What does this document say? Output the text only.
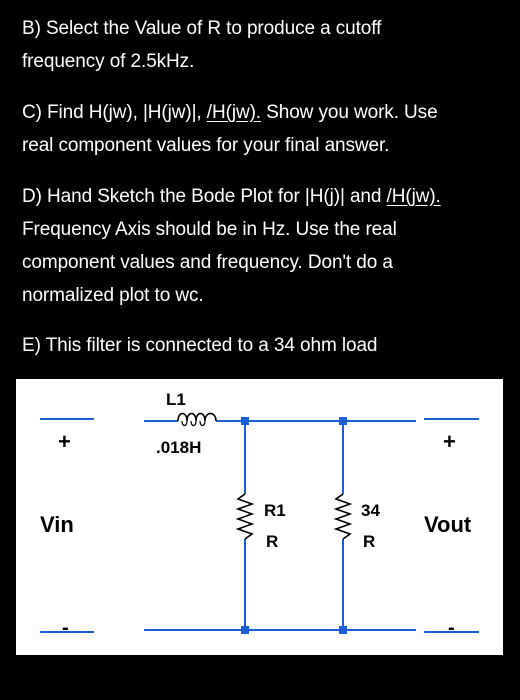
B) Select the Value of R to produce a cutoff
frequency of 2.5kHz.
C) Find H(jw), |H(jw)|, /H(jw). Show you work. Use
real component values for your final answer.
D) Hand Sketch the Bode Plot for |H(j)| and /H(jw).
Frequency Axis should be in Hz. Use the real
component values and frequency. Don't do a
normalized plot to wc.
E) This filter is connected to a 34 ohm load
L1
.018H
R1
R
34
R
+
Vin
-
+
Vout
-
